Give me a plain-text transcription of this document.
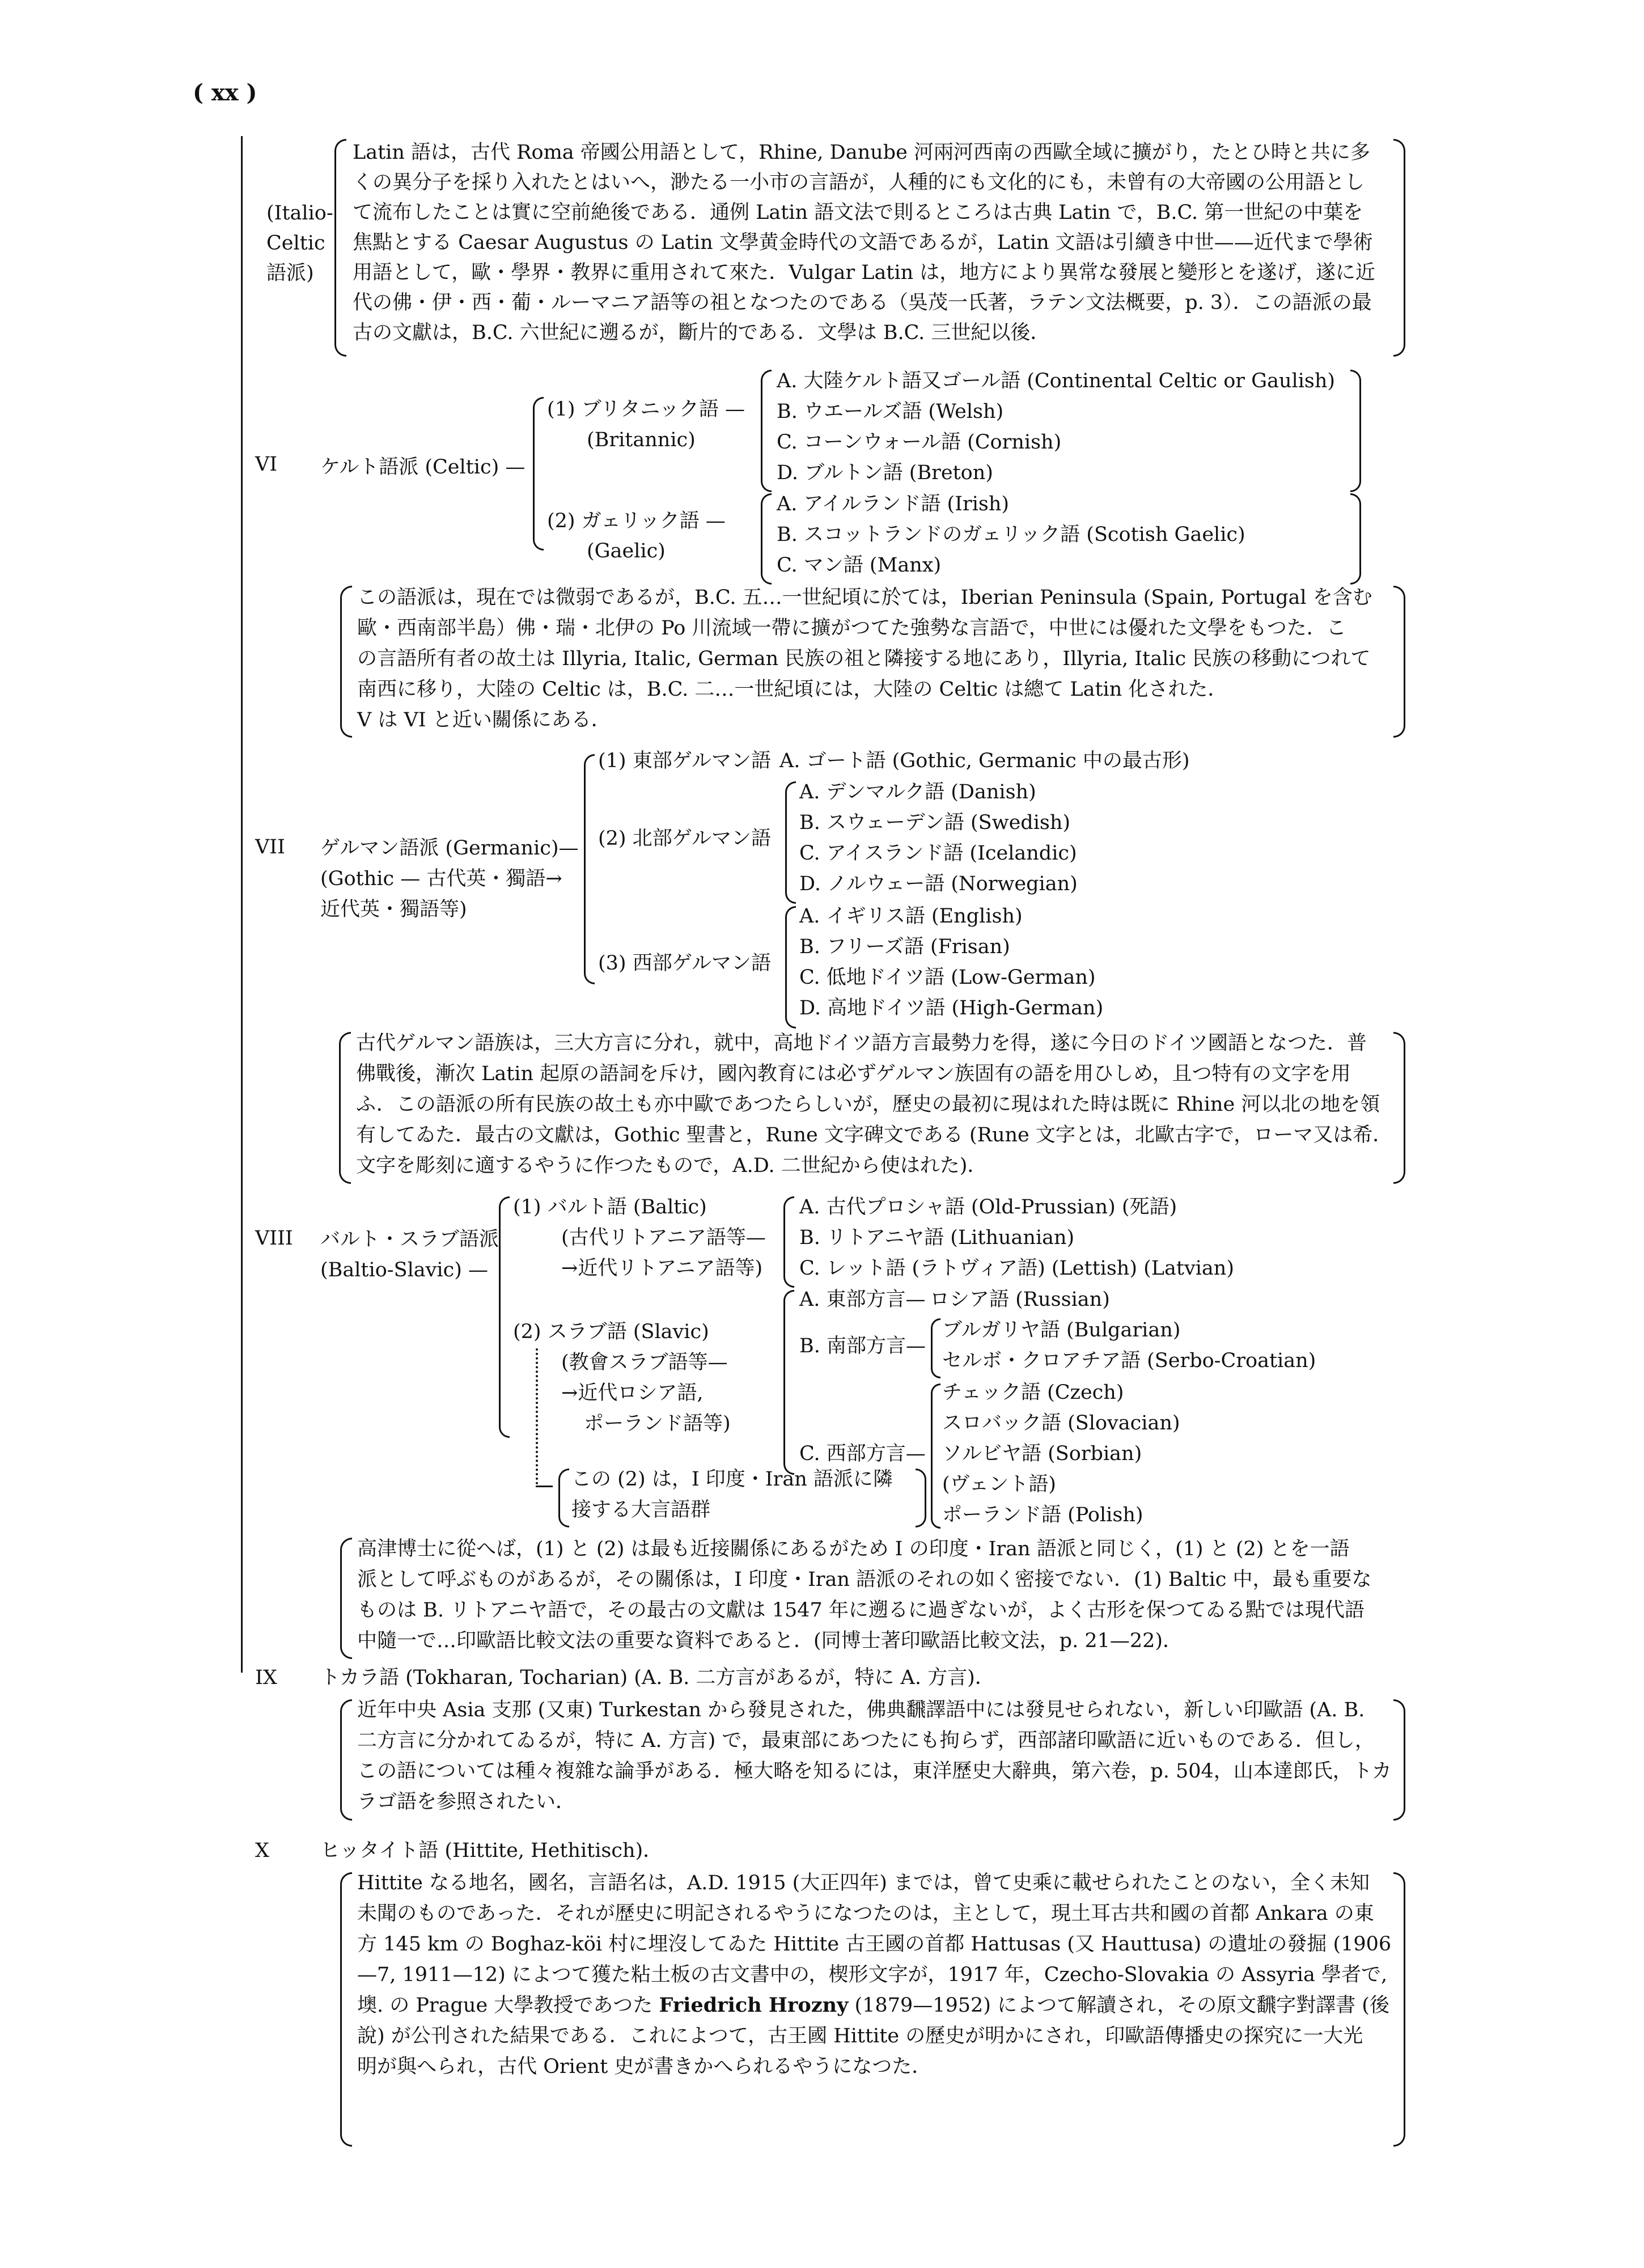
( xx )
(Italio-
Celtic
語派)
Latin 語は，古代 Roma 帝國公用語として，Rhine, Danube 河兩河西南の西歐全域に擴がり，たとひ時と共に多
くの異分子を採り入れたとはいへ，渺たる一小市の言語が，人種的にも文化的にも，未曾有の大帝國の公用語とし
て流布したことは實に空前絶後である．通例 Latin 語文法で則るところは古典 Latin で，B.C. 第一世紀の中葉を
焦點とする Caesar Augustus の Latin 文學黄金時代の文語であるが，Latin 文語は引續き中世——近代まで學術
用語として，歐・學界・教界に重用されて來た．Vulgar Latin は，地方により異常な發展と變形とを遂げ，遂に近
代の佛・伊・西・葡・ルーマニア語等の祖となつたのである（吳茂一氏著，ラテン文法概要，p. 3）．この語派の最
古の文獻は，B.C. 六世紀に遡るが，斷片的である．文學は B.C. 三世紀以後．
VI ケルト語派 (Celtic) —
(1) ブリタニック語 —
(Britannic)
A. 大陸ケルト語又ゴール語 (Continental Celtic or Gaulish)
B. ウエールズ語 (Welsh)
C. コーンウォール語 (Cornish)
D. ブルトン語 (Breton)
(2) ガェリック語 —
(Gaelic)
A. アイルランド語 (Irish)
B. スコットランドのガェリック語 (Scotish Gaelic)
C. マン語 (Manx)
この語派は，現在では微弱であるが，B.C. 五…一世紀頃に於ては，Iberian Peninsula (Spain, Portugal を含む
歐・西南部半島）佛・瑞・北伊の Po 川流域一帶に擴がつてた強勢な言語で，中世には優れた文學をもつた．こ
の言語所有者の故土は Illyria, Italic, German 民族の祖と隣接する地にあり，Illyria, Italic 民族の移動につれて
南西に移り，大陸の Celtic は，B.C. 二…一世紀頃には，大陸の Celtic は總て Latin 化された．
V は VI と近い關係にある．
VII ゲルマン語派 (Germanic)—
(Gothic — 古代英・獨語→
近代英・獨語等)
(1) 東部ゲルマン語 A. ゴート語 (Gothic, Germanic 中の最古形)
(2) 北部ゲルマン語
A. デンマルク語 (Danish)
B. スウェーデン語 (Swedish)
C. アイスランド語 (Icelandic)
D. ノルウェー語 (Norwegian)
(3) 西部ゲルマン語
A. イギリス語 (English)
B. フリーズ語 (Frisan)
C. 低地ドイツ語 (Low-German)
D. 高地ドイツ語 (High-German)
古代ゲルマン語族は，三大方言に分れ，就中，高地ドイツ語方言最勢力を得，遂に今日のドイツ國語となつた．普
佛戰後，漸次 Latin 起原の語詞を斥け，國內教育には必ずゲルマン族固有の語を用ひしめ，且つ特有の文字を用
ふ．この語派の所有民族の故土も亦中歐であつたらしいが，歷史の最初に現はれた時は既に Rhine 河以北の地を領
有してゐた．最古の文獻は，Gothic 聖書と，Rune 文字碑文である (Rune 文字とは，北歐古字で，ローマ又は希．
文字を彫刻に適するやうに作つたもので，A.D. 二世紀から使はれた)．
VIII バルト・スラブ語派
(Baltio-Slavic) —
(1) バルト語 (Baltic)
(古代リトアニア語等—
→近代リトアニア語等)
A. 古代プロシャ語 (Old-Prussian) (死語)
B. リトアニヤ語 (Lithuanian)
C. レット語 (ラトヴィア語) (Lettish) (Latvian)
(2) スラブ語 (Slavic)
(教會スラブ語等—
→近代ロシア語,
ポーランド語等)
この (2) は，I 印度・Iran 語派に隣
接する大言語群
A. 東部方言— ロシア語 (Russian)
B. 南部方言—
ブルガリヤ語 (Bulgarian)
セルボ・クロアチア語 (Serbo-Croatian)
C. 西部方言—
チェック語 (Czech)
スロバック語 (Slovacian)
ソルビヤ語 (Sorbian)
(ヴェント語)
ポーランド語 (Polish)
高津博士に從へば，(1) と (2) は最も近接關係にあるがため I の印度・Iran 語派と同じく，(1) と (2) とを一語
派として呼ぶものがあるが，その關係は，I 印度・Iran 語派のそれの如く密接でない．(1) Baltic 中，最も重要な
ものは B. リトアニヤ語で，その最古の文獻は 1547 年に遡るに過ぎないが，よく古形を保つてゐる點では現代語
中隨一で…印歐語比較文法の重要な資料であると．(同博士著印歐語比較文法，p. 21—22)．
IX トカラ語 (Tokharan, Tocharian) (A. B. 二方言があるが，特に A. 方言)．
近年中央 Asia 支那 (又東) Turkestan から發見された，佛典飜譯語中には發見せられない，新しい印歐語 (A. B.
二方言に分かれてゐるが，特に A. 方言) で，最東部にあつたにも拘らず，西部諸印歐語に近いものである．但し，
この語については種々複雜な論爭がある．極大略を知るには，東洋歷史大辭典，第六卷，p. 504，山本達郎氏，トカ
ラゴ語を参照されたい．
X	ヒッタイト語 (Hittite, Hethitisch)．
Hittite なる地名，國名，言語名は，A.D. 1915 (大正四年) までは，曾て史乘に載せられたことのない，全く未知
未聞のものであった．それが歷史に明記されるやうになつたのは，主として，現土耳古共和國の首都 Ankara の東
方 145 km の Boghaz-köi 村に埋沒してゐた Hittite 古王國の首都 Hattusas (又 Hauttusa) の遺址の發掘 (1906
—7, 1911—12) によつて獲た粘土板の古文書中の，楔形文字が，1917 年，Czecho-Slovakia の Assyria 學者で,
墺. の Prague 大學教授であつた Friedrich Hrozny (1879—1952) によつて解讀され，その原文飜字對譯書 (後
說) が公刊された結果である．これによつて，古王國 Hittite の歷史が明かにされ，印歐語傳播史の探究に一大光
明が與へられ，古代 Orient 史が書きかへられるやうになつた．
